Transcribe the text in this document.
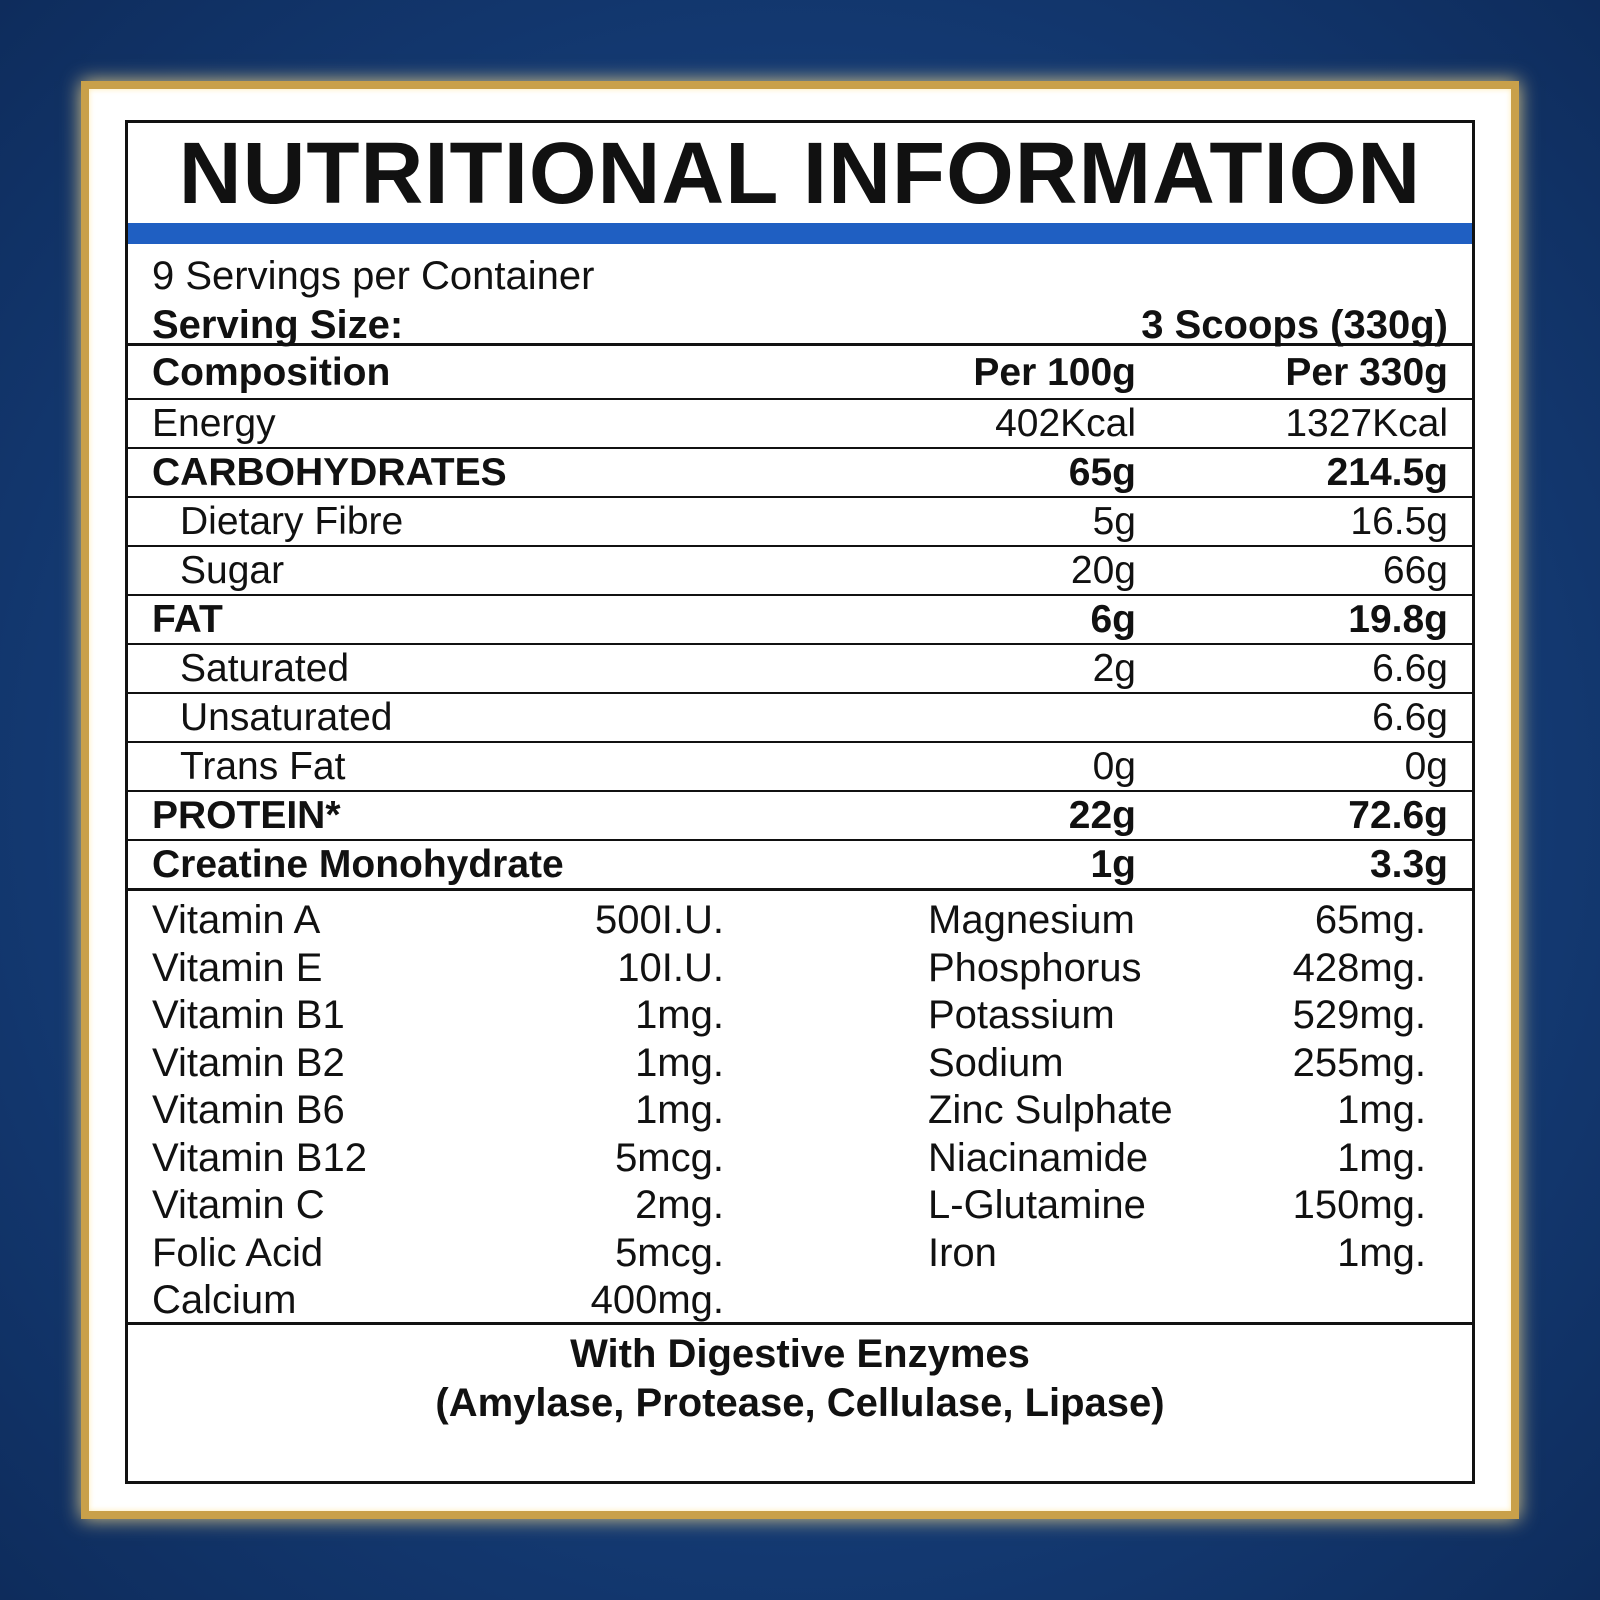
NUTRITIONAL INFORMATION
9 Servings per Container
Serving Size:	3 Scoops (330g)
Composition	Per 100g	Per 330g
Energy	402Kcal	1327Kcal
CARBOHYDRATES	65g	214.5g
Dietary Fibre	5g	16.5g
Sugar	20g	66g
FAT	6g	19.8g
Saturated	2g	6.6g
Unsaturated		6.6g
Trans Fat	0g	0g
PROTEIN*	22g	72.6g
Creatine Monohydrate	1g	3.3g
Vitamin A	500I.U.
Vitamin E	10I.U.
Vitamin B1	1mg.
Vitamin B2	1mg.
Vitamin B6	1mg.
Vitamin B12	5mcg.
Vitamin C	2mg.
Folic Acid	5mcg.
Calcium	400mg.
Magnesium	65mg.
Phosphorus	428mg.
Potassium	529mg.
Sodium	255mg.
Zinc Sulphate	1mg.
Niacinamide	1mg.
L-Glutamine	150mg.
Iron	1mg.
With Digestive Enzymes
(Amylase, Protease, Cellulase, Lipase)
